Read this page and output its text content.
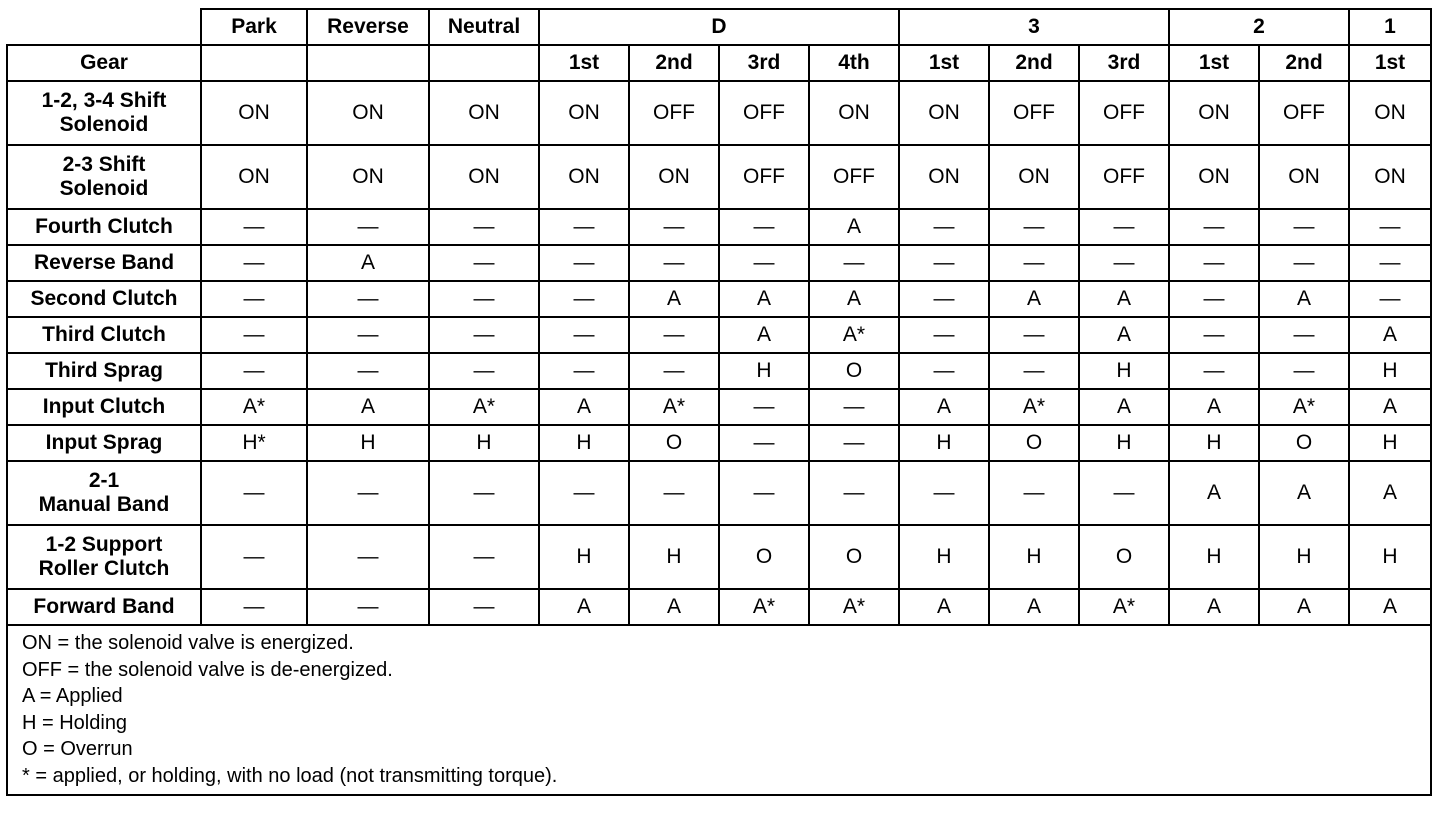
	Park	Reverse	Neutral	D				3			2		1
Gear				1st	2nd	3rd	4th	1st	2nd	3rd	1st	2nd	1st

1-2, 3-4 Shift
Solenoid	ON	ON	ON	ON	OFF	OFF	ON	ON	OFF	OFF	ON	OFF	ON

2-3 Shift
Solenoid	ON	ON	ON	ON	ON	OFF	OFF	ON	ON	OFF	ON	ON	ON

Fourth Clutch	—	—	—	—	—	—	A	—	—	—	—	—	—

Reverse Band	—	A	—	—	—	—	—	—	—	—	—	—	—

Second Clutch	—	—	—	—	A	A	A	—	A	A	—	A	—

Third Clutch	—	—	—	—	—	A	A*	—	—	A	—	—	A

Third Sprag	—	—	—	—	—	H	O	—	—	H	—	—	H

Input Clutch	A*	A	A*	A	A*	—	—	A	A*	A	A	A*	A

Input Sprag	H*	H	H	H	O	—	—	H	O	H	H	O	H

2-1
Manual Band	—	—	—	—	—	—	—	—	—	—	A	A	A

1-2 Support
Roller Clutch	—	—	—	H	H	O	O	H	H	O	H	H	H

Forward Band	—	—	—	A	A	A*	A*	A	A	A*	A	A	A
ON = the solenoid valve is energized.
OFF = the solenoid valve is de-energized.
A = Applied
H = Holding
O = Overrun
* = applied, or holding, with no load (not transmitting torque).
